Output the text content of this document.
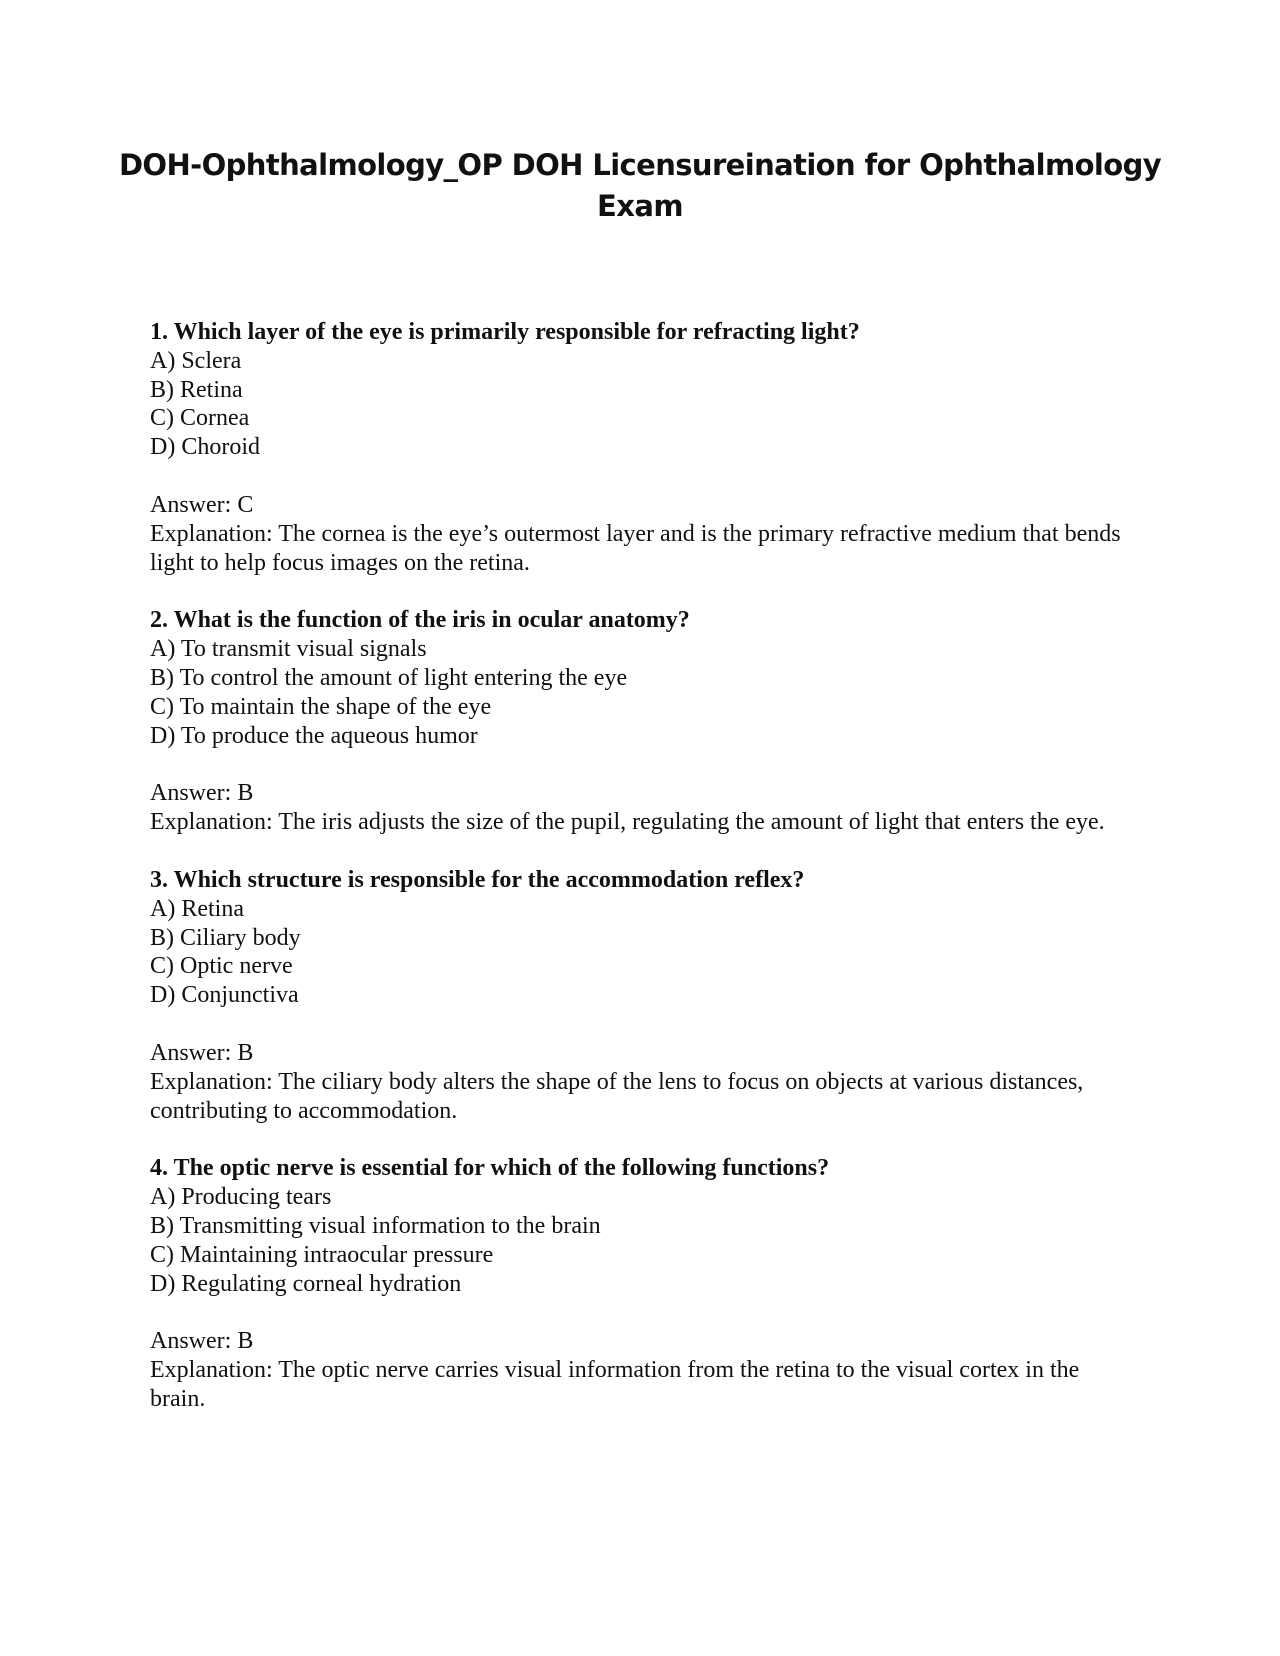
DOH-Ophthalmology_OP DOH Licensureination for Ophthalmology
Exam

1. Which layer of the eye is primarily responsible for refracting light?

A) Sclera

B) Retina

C) Cornea

D) Choroid

Answer: C

Explanation: The cornea is the eye’s outermost layer and is the primary refractive medium that bends light to help focus images on the retina.

2. What is the function of the iris in ocular anatomy?

A) To transmit visual signals

B) To control the amount of light entering the eye

C) To maintain the shape of the eye

D) To produce the aqueous humor

Answer: B

Explanation: The iris adjusts the size of the pupil, regulating the amount of light that enters the eye.

3. Which structure is responsible for the accommodation reflex?

A) Retina

B) Ciliary body

C) Optic nerve

D) Conjunctiva

Answer: B

Explanation: The ciliary body alters the shape of the lens to focus on objects at various distances, contributing to accommodation.

4. The optic nerve is essential for which of the following functions?

A) Producing tears

B) Transmitting visual information to the brain

C) Maintaining intraocular pressure

D) Regulating corneal hydration

Answer: B

Explanation: The optic nerve carries visual information from the retina to the visual cortex in the brain.
